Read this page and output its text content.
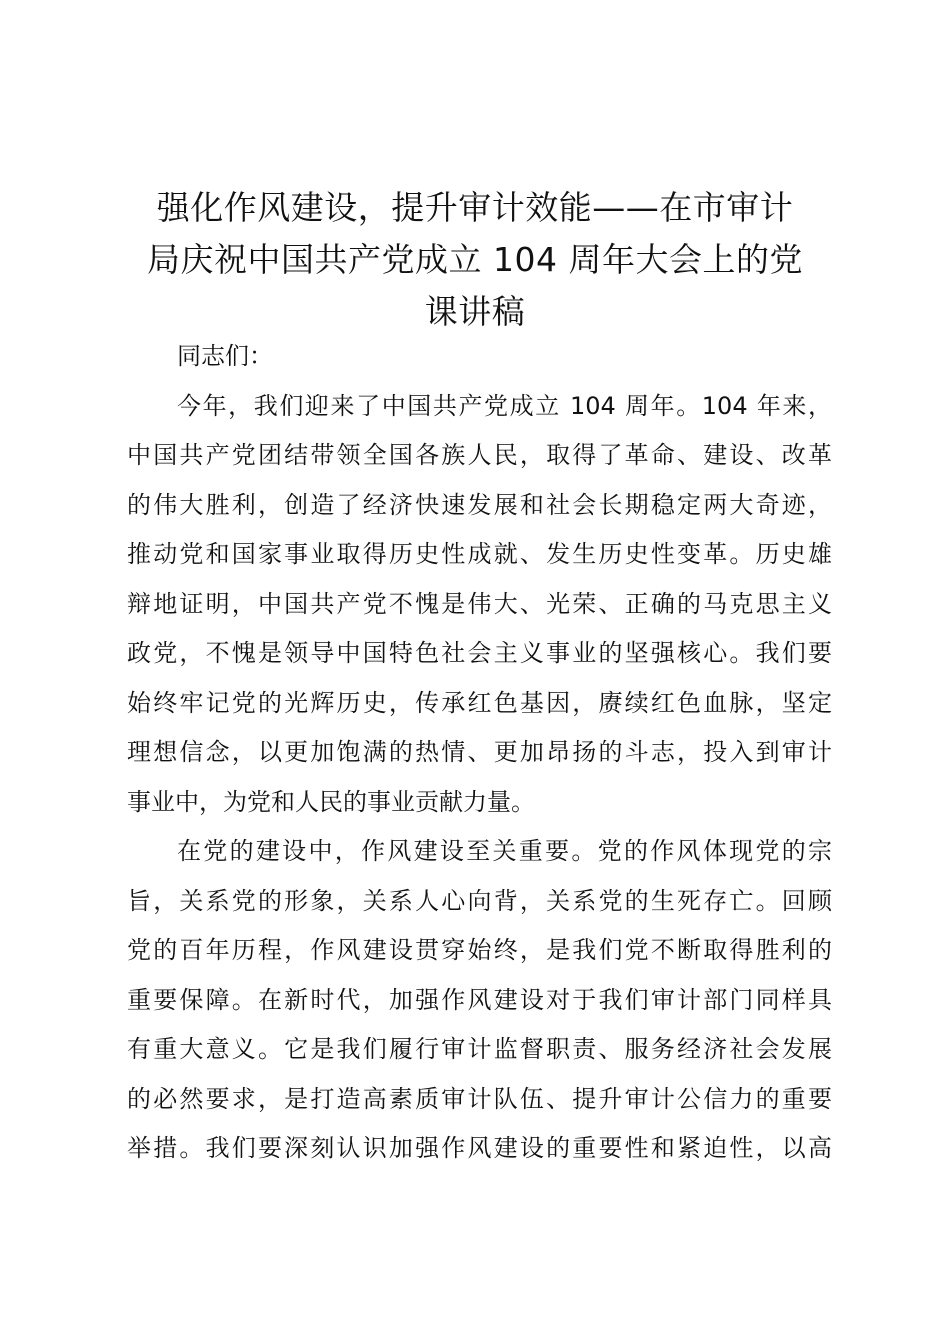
强化作风建设，提升审计效能——在市审计
局庆祝中国共产党成立 104 周年大会上的党
课讲稿
同志们：
今年，我们迎来了中国共产党成立 104 周年。104 年来，
中国共产党团结带领全国各族人民，取得了革命、建设、改革
的伟大胜利，创造了经济快速发展和社会长期稳定两大奇迹，
推动党和国家事业取得历史性成就、发生历史性变革。历史雄
辩地证明，中国共产党不愧是伟大、光荣、正确的马克思主义
政党，不愧是领导中国特色社会主义事业的坚强核心。我们要
始终牢记党的光辉历史，传承红色基因，赓续红色血脉，坚定
理想信念，以更加饱满的热情、更加昂扬的斗志，投入到审计
事业中，为党和人民的事业贡献力量。
在党的建设中，作风建设至关重要。党的作风体现党的宗
旨，关系党的形象，关系人心向背，关系党的生死存亡。回顾
党的百年历程，作风建设贯穿始终，是我们党不断取得胜利的
重要保障。在新时代，加强作风建设对于我们审计部门同样具
有重大意义。它是我们履行审计监督职责、服务经济社会发展
的必然要求，是打造高素质审计队伍、提升审计公信力的重要
举措。我们要深刻认识加强作风建设的重要性和紧迫性，以高
